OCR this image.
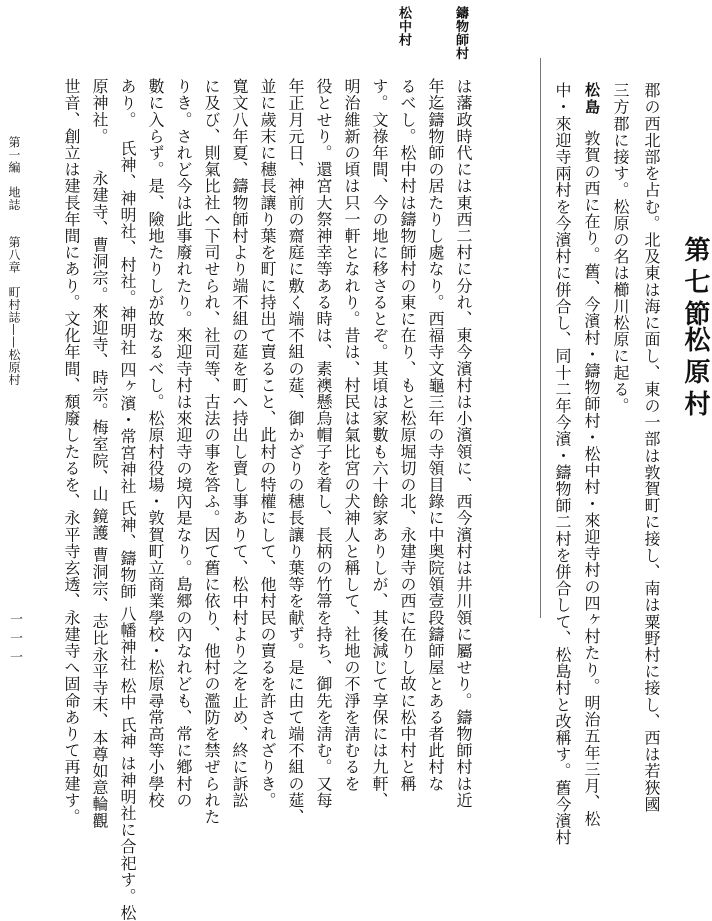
第七節
松原村
郡の西北部を占む。北及東は海に面し、東の一部は敦賀町に接し、南は粟野村に接し、西は若狹國
三方郡に接す。松原の名は櫛川松原に起る。
松島
敦賀の西に在り。舊、今濱村・鑄物師村・松中村・來迎寺村の四ヶ村たり。明治五年三月、松
中・來迎寺兩村を今濱村に併合し、同十二年今濱・鑄物師二村を併合して、松島村と改稱す。舊今濱村
鑄物師村
松中村
は藩政時代には東西二村に分れ、東今濱村は小濱領に、西今濱村は井川領に屬せり。鑄物師村は近
年迄鑄物師の居たりし處なり。西福寺文龜三年の寺領目錄に中奥院領壹段鑄師屋とある者此村な
るべし。松中村は鑄物師村の東に在り、もと松原堀切の北、永建寺の西に在りし故に松中村と稱
す。文祿年間、今の地に移さるとぞ。其頃は家數も六十餘家ありしが、其後減じて享保には九軒、
明治維新の頃は只一軒となれり。昔は、村民は氣比宮の犬神人と稱して、社地の不淨を淸むるを
役とせり。還宮大祭神幸等ある時は、素襖懸烏帽子を着し、長柄の竹箒を持ち、御先を淸む。又每
年正月元日、神前の齋庭に敷く端不組の莚、御かざりの穗長讓り葉等を献ず。是に由て端不組の莚、
並に歲末に穗長讓り葉を町に持出て賣ること、此村の特權にして、他村民の賣るを許されざりき。
寬文八年夏、鑄物師村より端不組の莚を町へ持出し賣し事ありて、松中村より之を止め、終に訴訟
に及び、則氣比社へ下司せられ、社司等、古法の事を答ふ。因て舊に依り、他村の濫防を禁ぜられた
りき。されど今は此事廢れたり。來迎寺村は來迎寺の境內是なり。島郷の內なれども、常に鄕村の
數に入らず。是、險地たりしが故なるべし。松原村役場・敦賀町立商業學校・松原尋常高等小學校
あり。
氏神、神明社、村社。神明社 四ヶ濱・常宮神社 氏神、鑄物師 八幡神社 松中 氏神 は神明社に合祀す。松
原神社。
永建寺、曹洞宗。來迎寺、時宗。梅室院、山 鏡護 曹洞宗、志比永平寺末、本尊如意輪觀
世音、創立は建長年間にあり。文化年間、頹廢したるを、永平寺玄透、永建寺へ固命ありて再建す。
第一編
地誌
第八章
町村誌——松原村
一一一
